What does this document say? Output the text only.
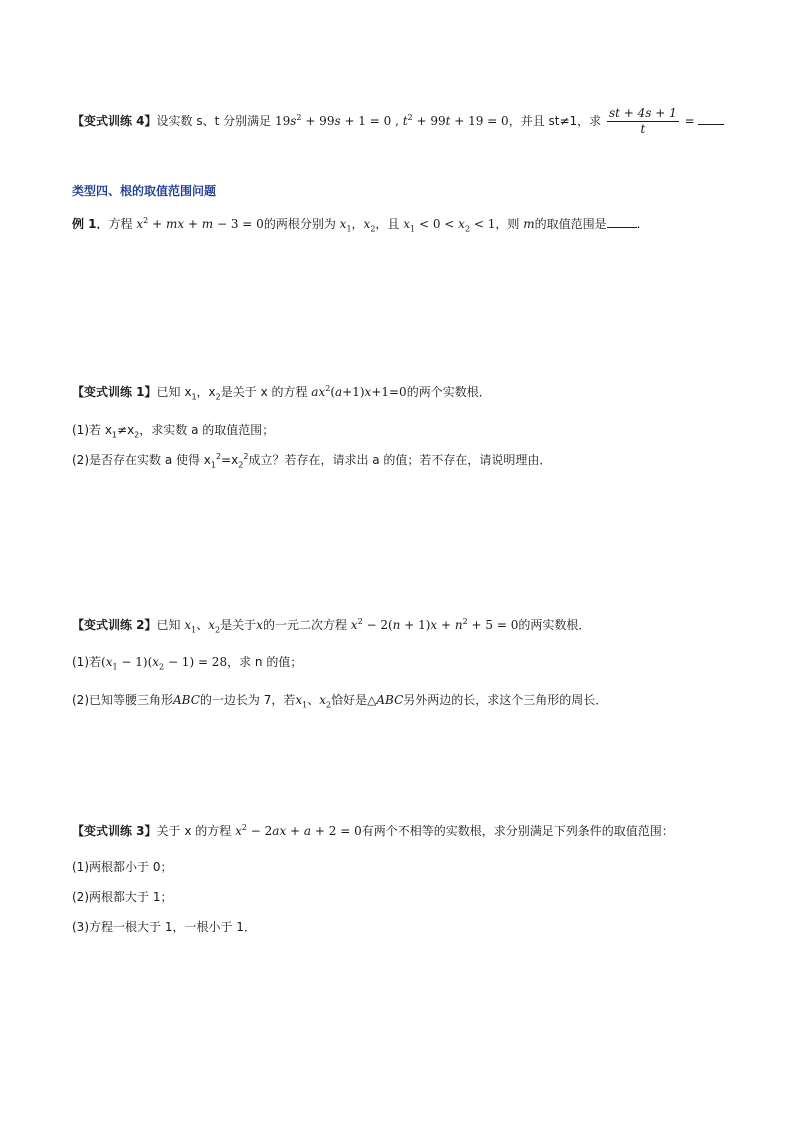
【变式训练 4】设实数 s、t 分别满足 $19s^2 + 99s + 1 = 0$ , $t^2 + 99t + 19 = 0$，并且 st≠1，求 $\frac{st + 4s + 1}{t}$ =
类型四、根的取值范围问题
例 1．方程 $x^2$ + mx + m − 3 = 0的两根分别为 $x_1$，$x_2$，且 $x_1 < 0 < x_2 < 1$，则 m的取值范围是	.
【变式训练 1】已知 $x_1$，$x_2$是关于 x 的方程 $ax^2(a+1)x+1=0$的两个实数根．
(1)若 $x_1\ne x_2$，求实数 a 的取值范围；
(2)是否存在实数 a 使得 $x_1^2=x_2^2$成立？若存在，请求出 a 的值；若不存在，请说明理由．
【变式训练 2】已知 $x_1$、$x_2$是关于x的一元二次方程 $x^2 - 2(n + 1)x + n^2 + 5 = 0$的两实数根．
(1)若$(x_1 - 1)(x_2 - 1) = 28$，求 n 的值；
(2)已知等腰三角形ABC的一边长为 7，若$x_1$、$x_2$恰好是△ABC另外两边的长，求这个三角形的周长．
【变式训练 3】关于 x 的方程 $x^2 - 2ax + a + 2 = 0$有两个不相等的实数根，求分别满足下列条件的取值范围：
(1)两根都小于 0；
(2)两根都大于 1；
(3)方程一根大于 1，一根小于 1．
